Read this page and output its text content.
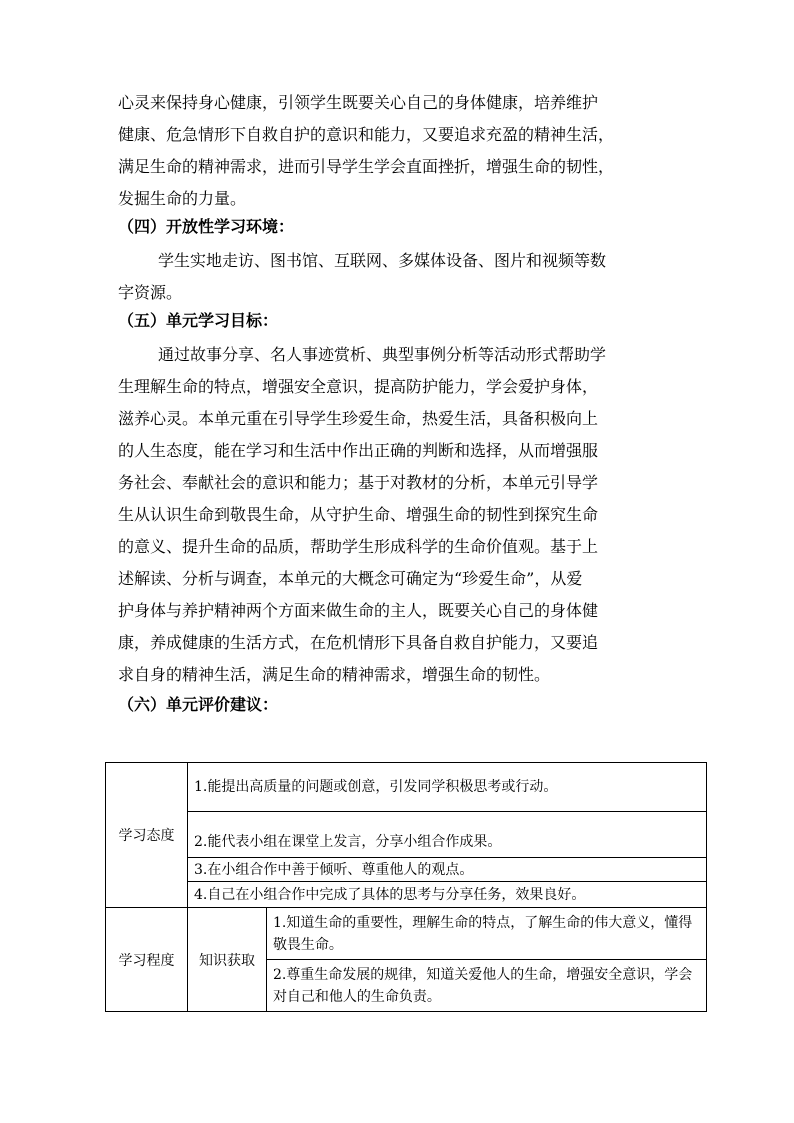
心灵来保持身心健康，引领学生既要关心自己的身体健康，培养维护
健康、危急情形下自救自护的意识和能力，又要追求充盈的精神生活，
满足生命的精神需求，进而引导学生学会直面挫折，增强生命的韧性，
发掘生命的力量。
（四）开放性学习环境：
学生实地走访、图书馆、互联网、多媒体设备、图片和视频等数
字资源。
（五）单元学习目标：
通过故事分享、名人事迹赏析、典型事例分析等活动形式帮助学
生理解生命的特点，增强安全意识，提高防护能力，学会爱护身体，
滋养心灵。本单元重在引导学生珍爱生命，热爱生活，具备积极向上
的人生态度，能在学习和生活中作出正确的判断和选择，从而增强服
务社会、奉献社会的意识和能力；基于对教材的分析，本单元引导学
生从认识生命到敬畏生命，从守护生命、增强生命的韧性到探究生命
的意义、提升生命的品质，帮助学生形成科学的生命价值观。基于上
述解读、分析与调查，本单元的大概念可确定为“珍爱生命”，从爱
护身体与养护精神两个方面来做生命的主人，既要关心自己的身体健
康，养成健康的生活方式，在危机情形下具备自救自护能力，又要追
求自身的精神生活，满足生命的精神需求，增强生命的韧性。
（六）单元评价建议：
学习态度	1.能提出高质量的问题或创意，引发同学积极思考或行动。	
	2.能代表小组在课堂上发言，分享小组合作成果。	
	3.在小组合作中善于倾听、尊重他人的观点。	
	4.自己在小组合作中完成了具体的思考与分享任务，效果良好。	
学习程度	知识获取	1.知道生命的重要性，理解生命的特点，了解生命的伟大意义，懂得敬畏生命。
		2.尊重生命发展的规律，知道关爱他人的生命，增强安全意识，学会对自己和他人的生命负责。
